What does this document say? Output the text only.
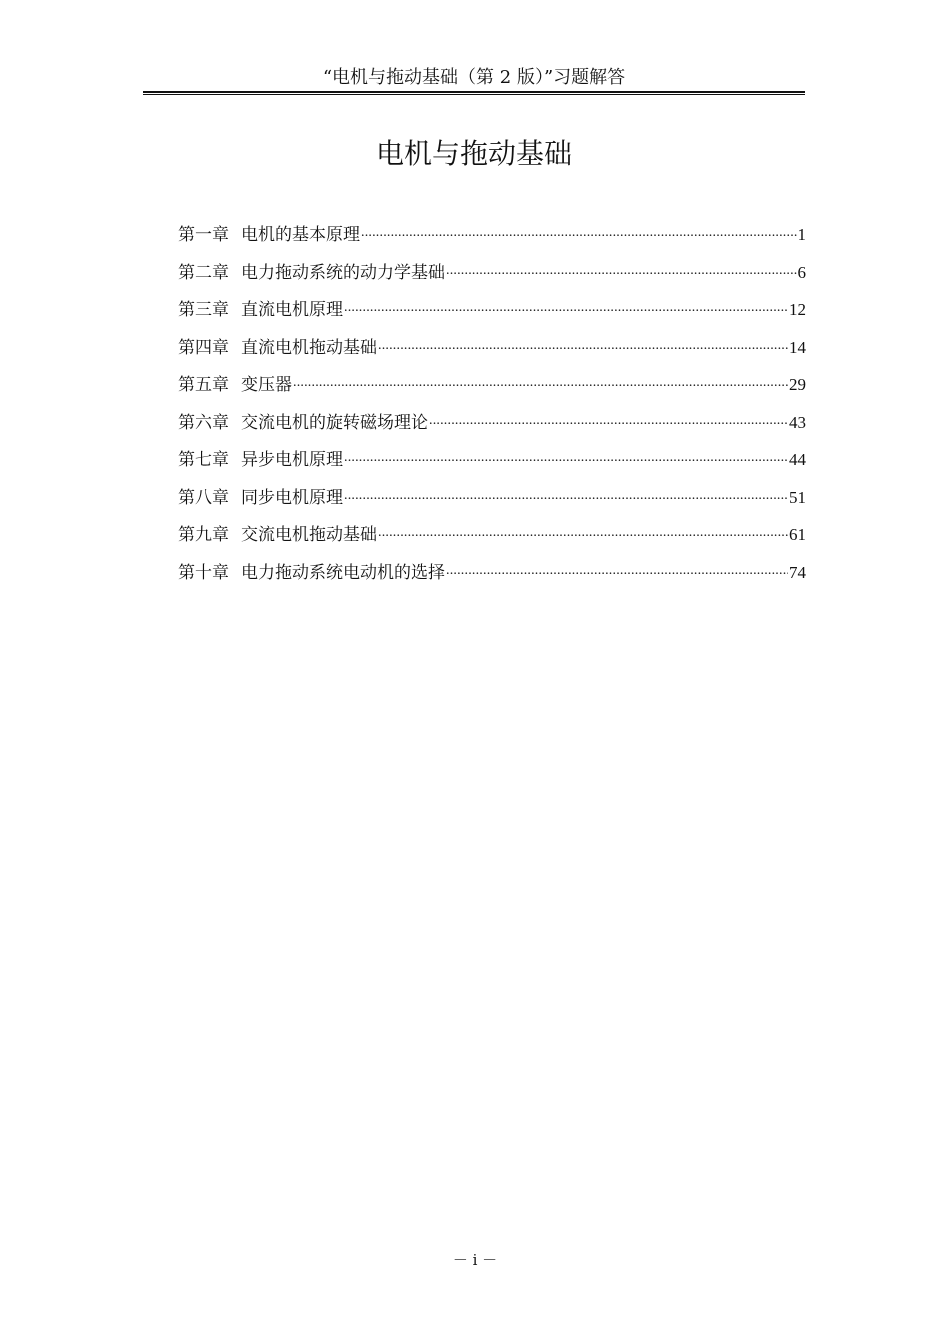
“电机与拖动基础（第 2 版）”习题解答
电机与拖动基础
第一章 电机的基本原理 .....	1
第二章 电力拖动系统的动力学基础 .....	6
第三章 直流电机原理 .....	12
第四章 直流电机拖动基础 .....	14
第五章 变压器 .....	29
第六章 交流电机的旋转磁场理论 .....	43
第七章 异步电机原理 .....	44
第八章 同步电机原理 .....	51
第九章 交流电机拖动基础 .....	61
第十章 电力拖动系统电动机的选择 .....	74
－ i －
